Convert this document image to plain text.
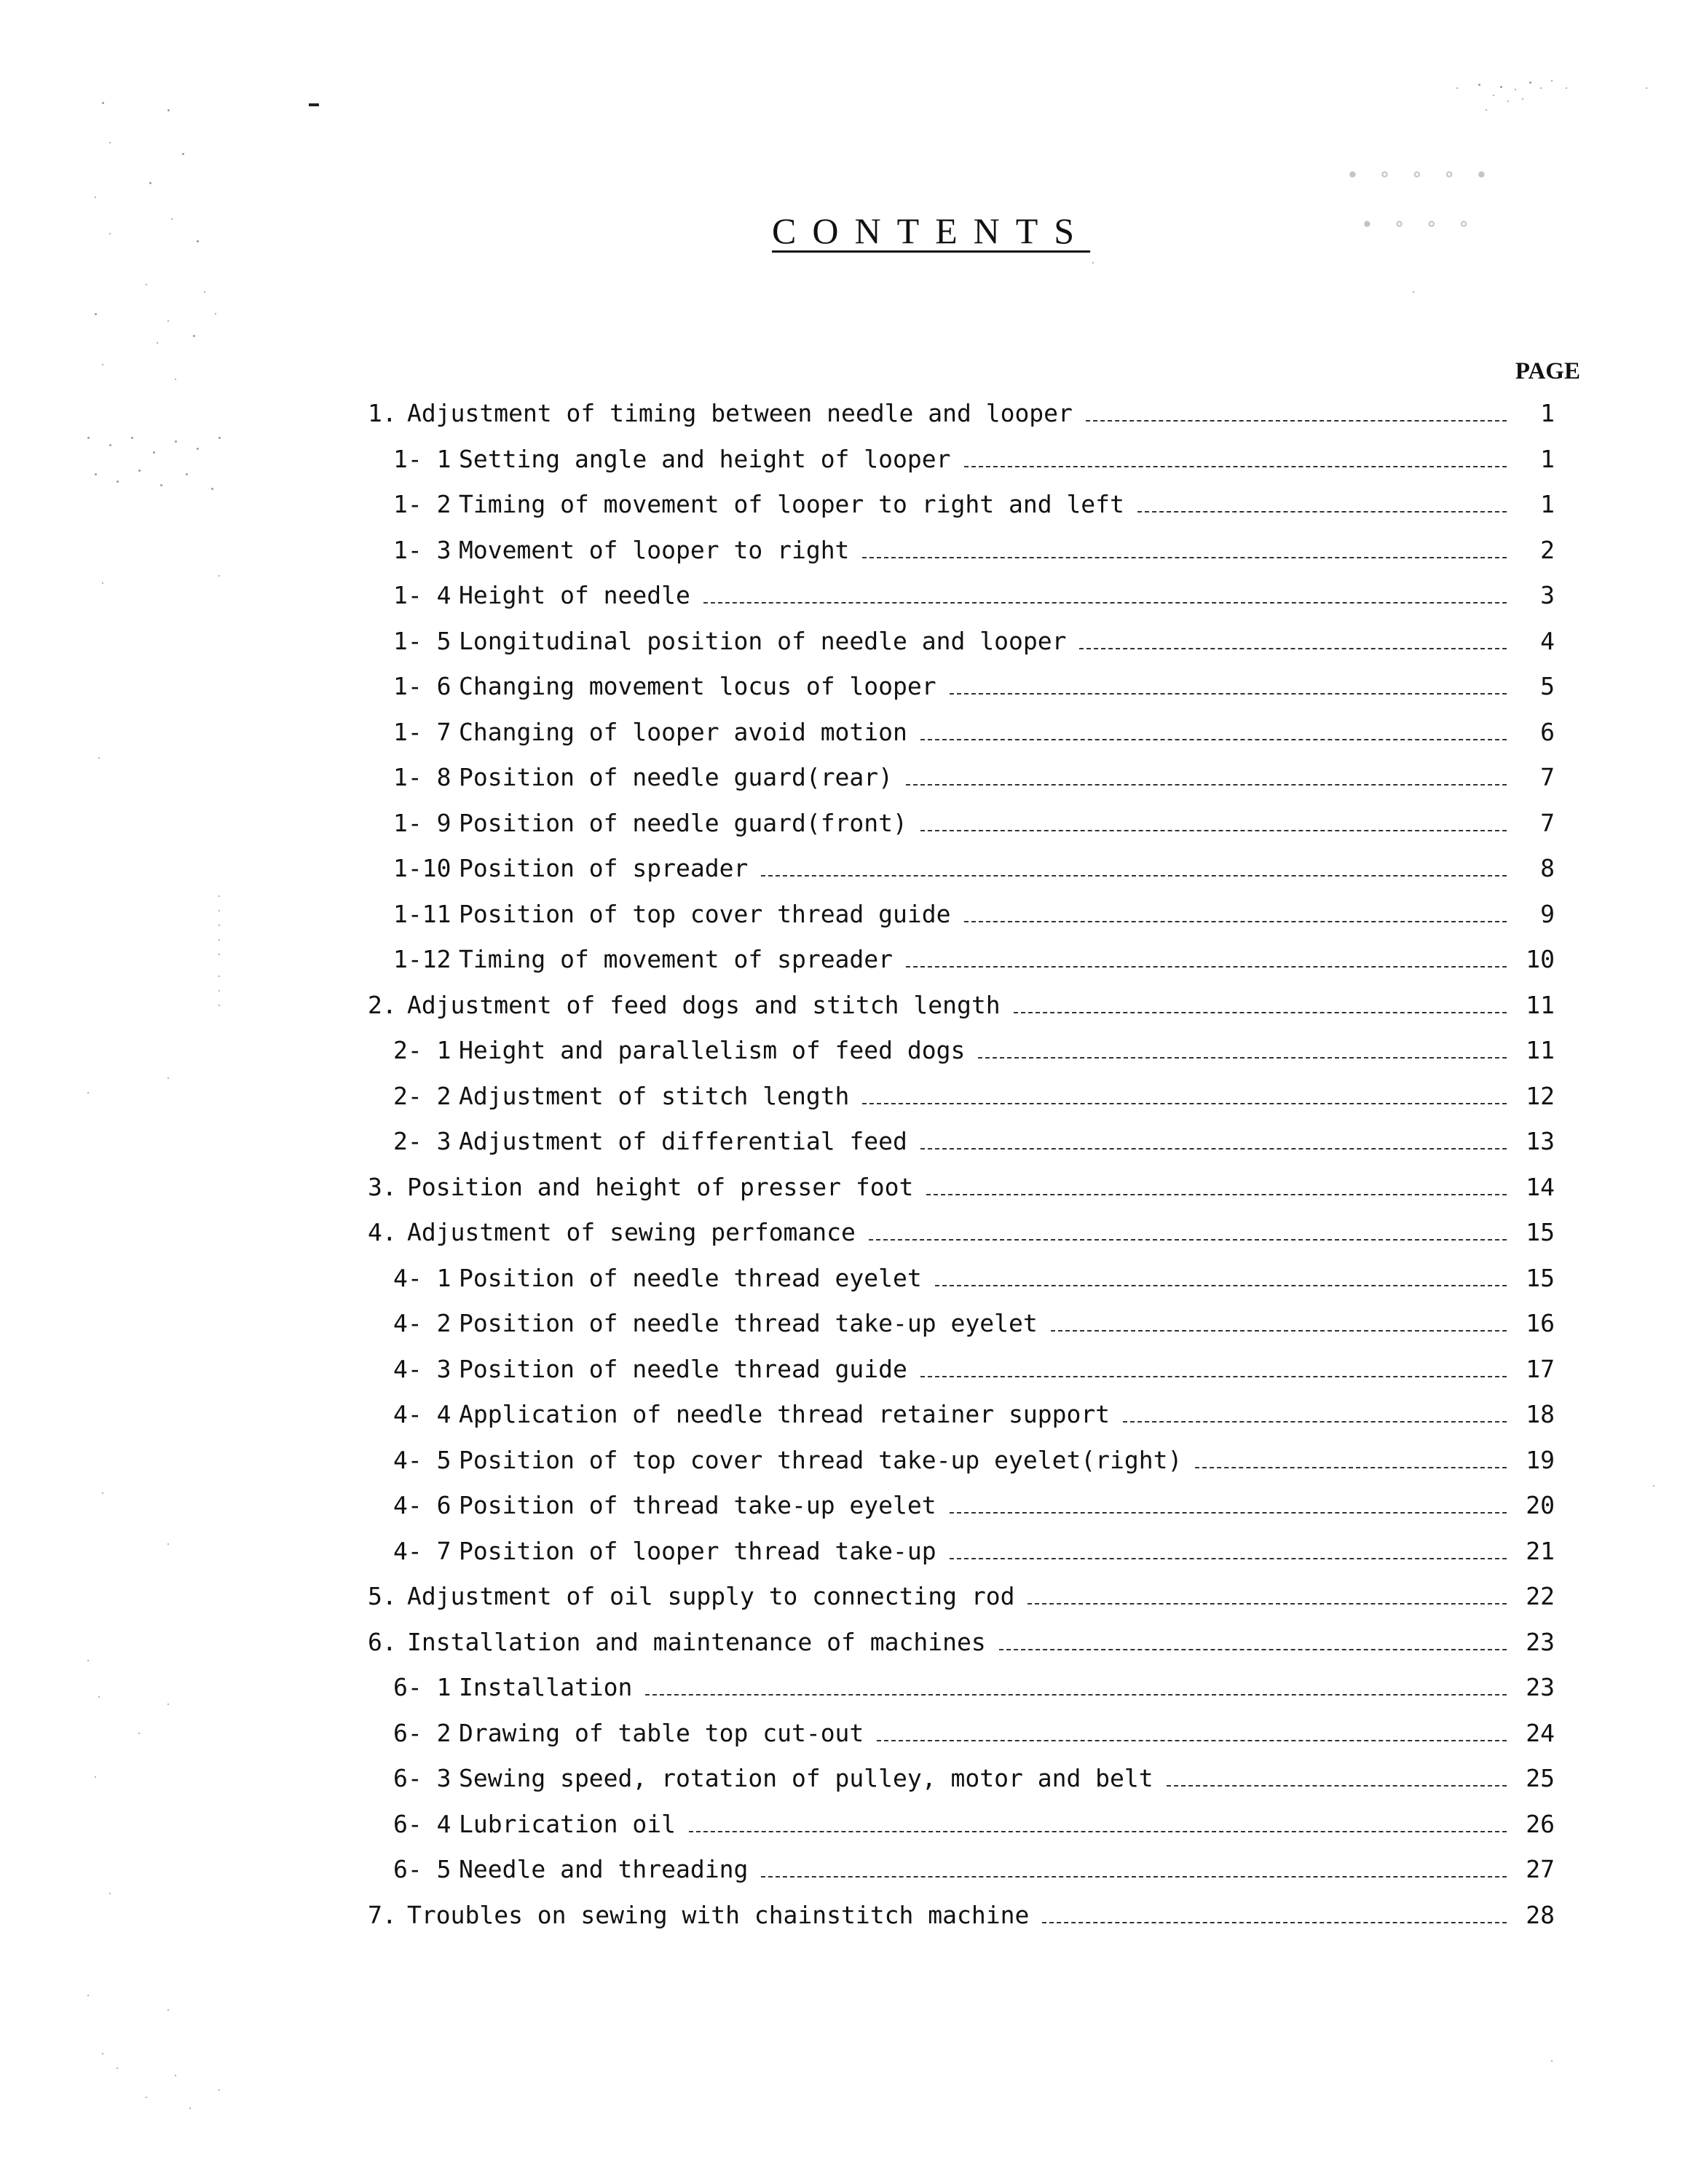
∙ ∘ ∘ ∘ ∙
∙ ∘ ∘ ∘
CONTENTS
PAGE
1. Adjustment of timing between needle and looper	1
1- 1 Setting angle and height of looper	1
1- 2 Timing of movement of looper to right and left	1
1- 3 Movement of looper to right	2
1- 4 Height of needle	3
1- 5 Longitudinal position of needle and looper	4
1- 6 Changing movement locus of looper	5
1- 7 Changing of looper avoid motion	6
1- 8 Position of needle guard(rear)	7
1- 9 Position of needle guard(front)	7
1-10 Position of spreader	8
1-11 Position of top cover thread guide	9
1-12 Timing of movement of spreader	10
2. Adjustment of feed dogs and stitch length	11
2- 1 Height and parallelism of feed dogs	11
2- 2 Adjustment of stitch length	12
2- 3 Adjustment of differential feed	13
3. Position and height of presser foot	14
4. Adjustment of sewing perfomance	15
4- 1 Position of needle thread eyelet	15
4- 2 Position of needle thread take-up eyelet	16
4- 3 Position of needle thread guide	17
4- 4 Application of needle thread retainer support	18
4- 5 Position of top cover thread take-up eyelet(right)	19
4- 6 Position of thread take-up eyelet	20
4- 7 Position of looper thread take-up	21
5. Adjustment of oil supply to connecting rod	22
6. Installation and maintenance of machines	23
6- 1 Installation	23
6- 2 Drawing of table top cut-out	24
6- 3 Sewing speed, rotation of pulley, motor and belt	25
6- 4 Lubrication oil	26
6- 5 Needle and threading	27
7. Troubles on sewing with chainstitch machine	28
